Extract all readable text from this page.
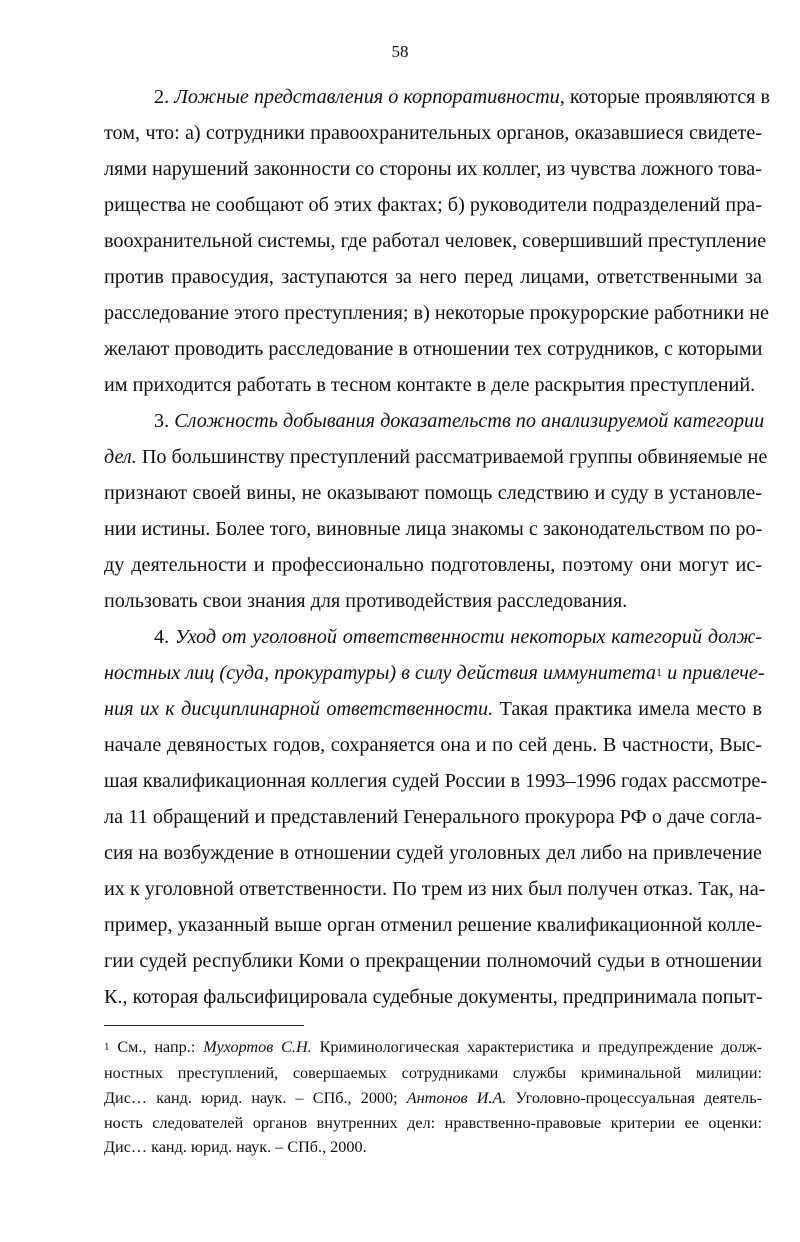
58

2. Ложные представления о корпоративности, которые проявляются в

том, что: а) сотрудники правоохранительных органов, оказавшиеся свидете-

лями нарушений законности со стороны их коллег, из чувства ложного това-

рищества не сообщают об этих фактах; б) руководители подразделений пра-

воохранительной системы, где работал человек, совершивший преступление

против правосудия, заступаются за него перед лицами, ответственными за

расследование этого преступления; в) некоторые прокурорские работники не

желают проводить расследование в отношении тех сотрудников, с которыми

им приходится работать в тесном контакте в деле раскрытия преступлений.

3. Сложность добывания доказательств по анализируемой категории

дел. По большинству преступлений рассматриваемой группы обвиняемые не

признают своей вины, не оказывают помощь следствию и суду в установле-

нии истины. Более того, виновные лица знакомы с законодательством по ро-

ду деятельности и профессионально подготовлены, поэтому они могут ис-

пользовать свои знания для противодействия расследования.

4. Уход от уголовной ответственности некоторых категорий долж-

ностных лиц (суда, прокуратуры) в силу действия иммунитета$^1$ и привлече-

ния их к дисциплинарной ответственности. Такая практика имела место в

начале девяностых годов, сохраняется она и по сей день. В частности, Выс-

шая квалификационная коллегия судей России в 1993–1996 годах рассмотре-

ла 11 обращений и представлений Генерального прокурора РФ о даче согла-

сия на возбуждение в отношении судей уголовных дел либо на привлечение

их к уголовной ответственности. По трем из них был получен отказ. Так, на-

пример, указанный выше орган отменил решение квалификационной колле-

гии судей республики Коми о прекращении полномочий судьи в отношении

К., которая фальсифицировала судебные документы, предпринимала попыт-

$^1$ См., напр.: Мухортов С.Н. Криминологическая характеристика и предупреждение долж-

ностных преступлений, совершаемых сотрудниками службы криминальной милиции:

Дис… канд. юрид. наук. – СПб., 2000; Антонов И.А. Уголовно-процессуальная деятель-

ность следователей органов внутренних дел: нравственно-правовые критерии ее оценки:

Дис… канд. юрид. наук. – СПб., 2000.
